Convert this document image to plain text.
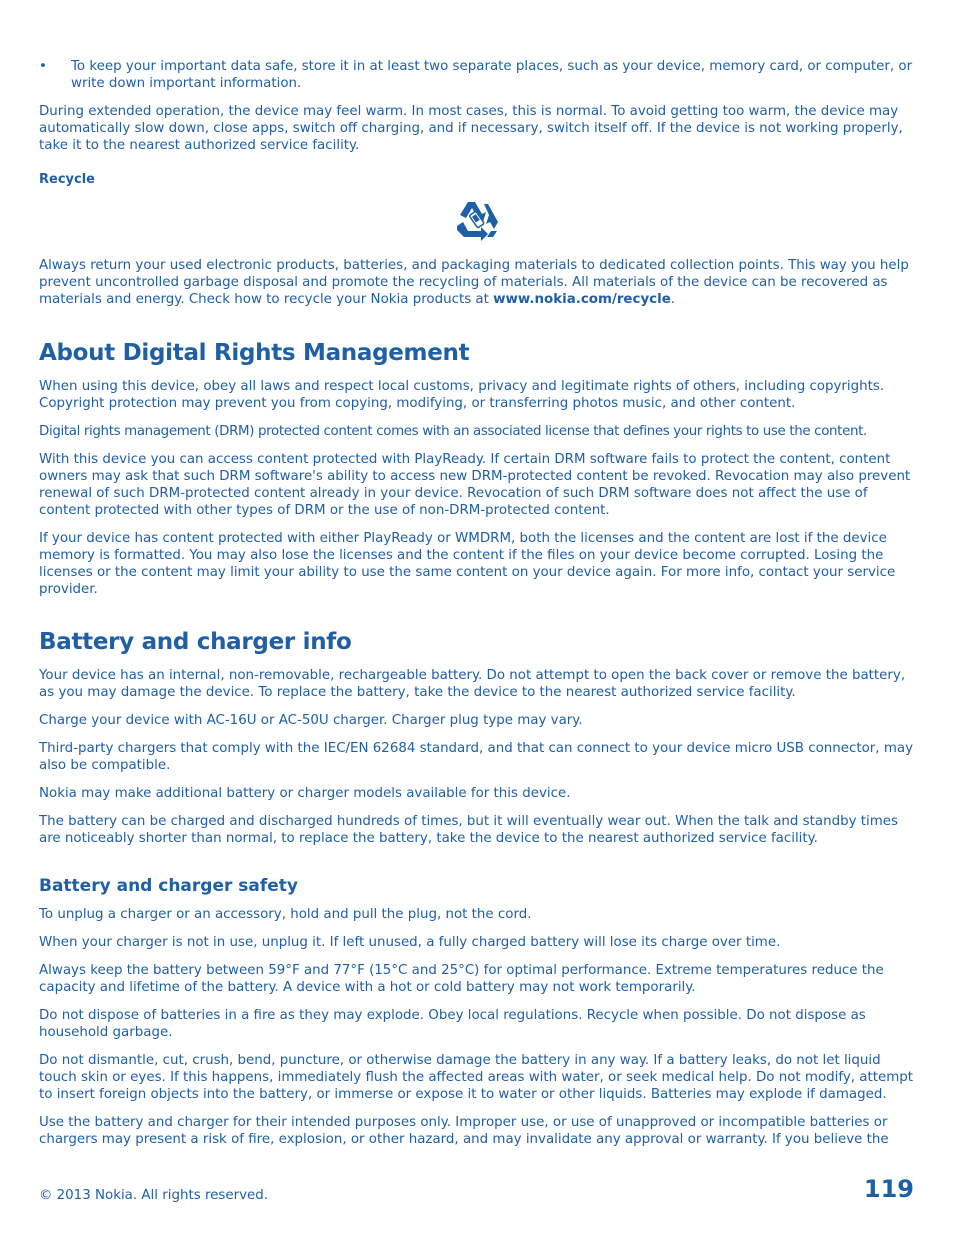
• To keep your important data safe, store it in at least two separate places, such as your device, memory card, or computer, or write down important information.

During extended operation, the device may feel warm. In most cases, this is normal. To avoid getting too warm, the device may automatically slow down, close apps, switch off charging, and if necessary, switch itself off. If the device is not working properly, take it to the nearest authorized service facility.

Recycle

Always return your used electronic products, batteries, and packaging materials to dedicated collection points. This way you help prevent uncontrolled garbage disposal and promote the recycling of materials. All materials of the device can be recovered as materials and energy. Check how to recycle your Nokia products at www.nokia.com/recycle.

About Digital Rights Management

When using this device, obey all laws and respect local customs, privacy and legitimate rights of others, including copyrights. Copyright protection may prevent you from copying, modifying, or transferring photos music, and other content.

Digital rights management (DRM) protected content comes with an associated license that defines your rights to use the content.

With this device you can access content protected with PlayReady. If certain DRM software fails to protect the content, content owners may ask that such DRM software's ability to access new DRM-protected content be revoked. Revocation may also prevent renewal of such DRM-protected content already in your device. Revocation of such DRM software does not affect the use of content protected with other types of DRM or the use of non-DRM-protected content.

If your device has content protected with either PlayReady or WMDRM, both the licenses and the content are lost if the device memory is formatted. You may also lose the licenses and the content if the files on your device become corrupted. Losing the licenses or the content may limit your ability to use the same content on your device again. For more info, contact your service provider.

Battery and charger info

Your device has an internal, non-removable, rechargeable battery. Do not attempt to open the back cover or remove the battery, as you may damage the device. To replace the battery, take the device to the nearest authorized service facility.

Charge your device with AC-16U or AC-50U charger. Charger plug type may vary.

Third-party chargers that comply with the IEC/EN 62684 standard, and that can connect to your device micro USB connector, may also be compatible.

Nokia may make additional battery or charger models available for this device.

The battery can be charged and discharged hundreds of times, but it will eventually wear out. When the talk and standby times are noticeably shorter than normal, to replace the battery, take the device to the nearest authorized service facility.

Battery and charger safety

To unplug a charger or an accessory, hold and pull the plug, not the cord.

When your charger is not in use, unplug it. If left unused, a fully charged battery will lose its charge over time.

Always keep the battery between 59°F and 77°F (15°C and 25°C) for optimal performance. Extreme temperatures reduce the capacity and lifetime of the battery. A device with a hot or cold battery may not work temporarily.

Do not dispose of batteries in a fire as they may explode. Obey local regulations. Recycle when possible. Do not dispose as household garbage.

Do not dismantle, cut, crush, bend, puncture, or otherwise damage the battery in any way. If a battery leaks, do not let liquid touch skin or eyes. If this happens, immediately flush the affected areas with water, or seek medical help. Do not modify, attempt to insert foreign objects into the battery, or immerse or expose it to water or other liquids. Batteries may explode if damaged.

Use the battery and charger for their intended purposes only. Improper use, or use of unapproved or incompatible batteries or chargers may present a risk of fire, explosion, or other hazard, and may invalidate any approval or warranty. If you believe the

© 2013 Nokia. All rights reserved.	119
